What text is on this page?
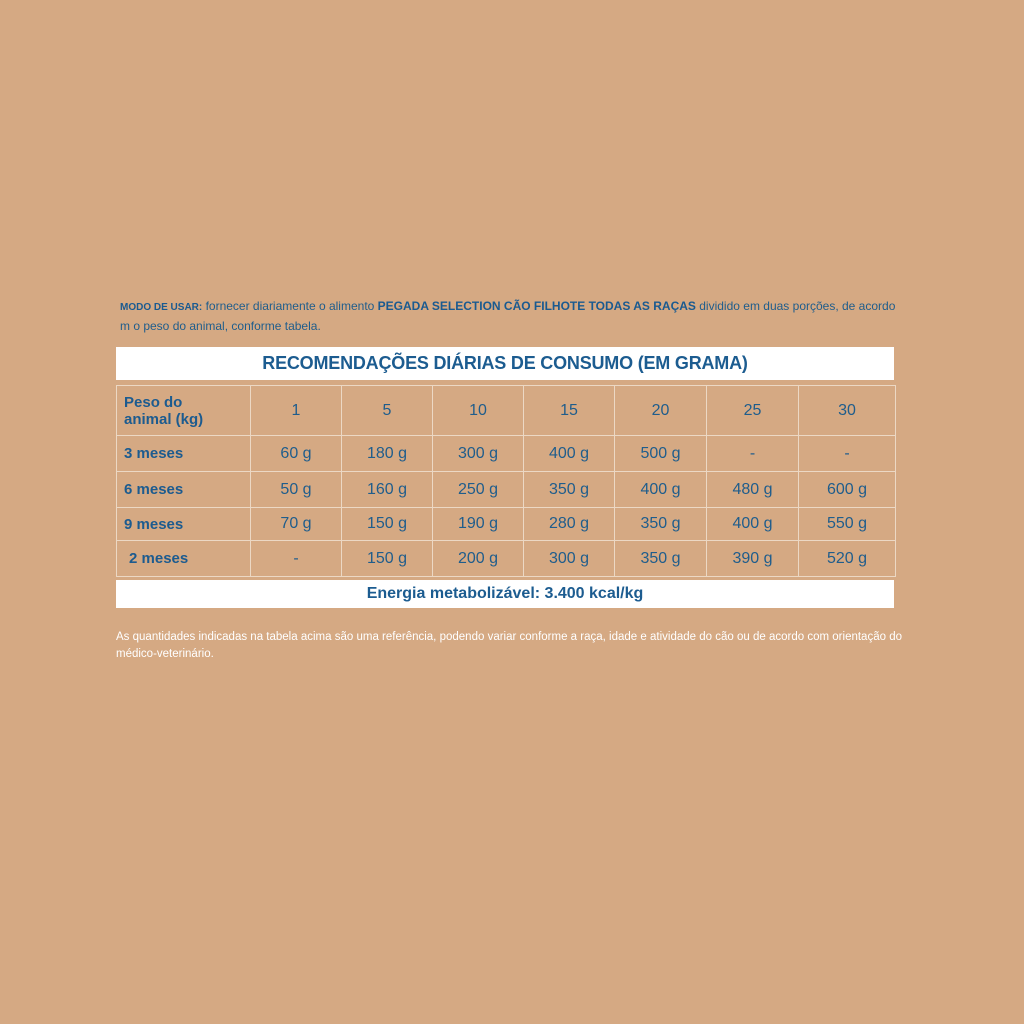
MODO DE USAR: fornecer diariamente o alimento PEGADA SELECTION CÃO FILHOTE TODAS AS RAÇAS dividido em duas porções, de acordo
m o peso do animal, conforme tabela.
RECOMENDAÇÕES DIÁRIAS DE CONSUMO (EM GRAMA)
Peso do
animal (kg)	1	5	10	15	20	25	30
3 meses	60 g	180 g	300 g	400 g	500 g	-	-
6 meses	50 g	160 g	250 g	350 g	400 g	480 g	600 g
9 meses	70 g	150 g	190 g	280 g	350 g	400 g	550 g
2 meses	-	150 g	200 g	300 g	350 g	390 g	520 g
Energia metabolizável: 3.400 kcal/kg
As quantidades indicadas na tabela acima são uma referência, podendo variar conforme a raça, idade e atividade do cão ou de acordo com orientação do médico-veterinário.
